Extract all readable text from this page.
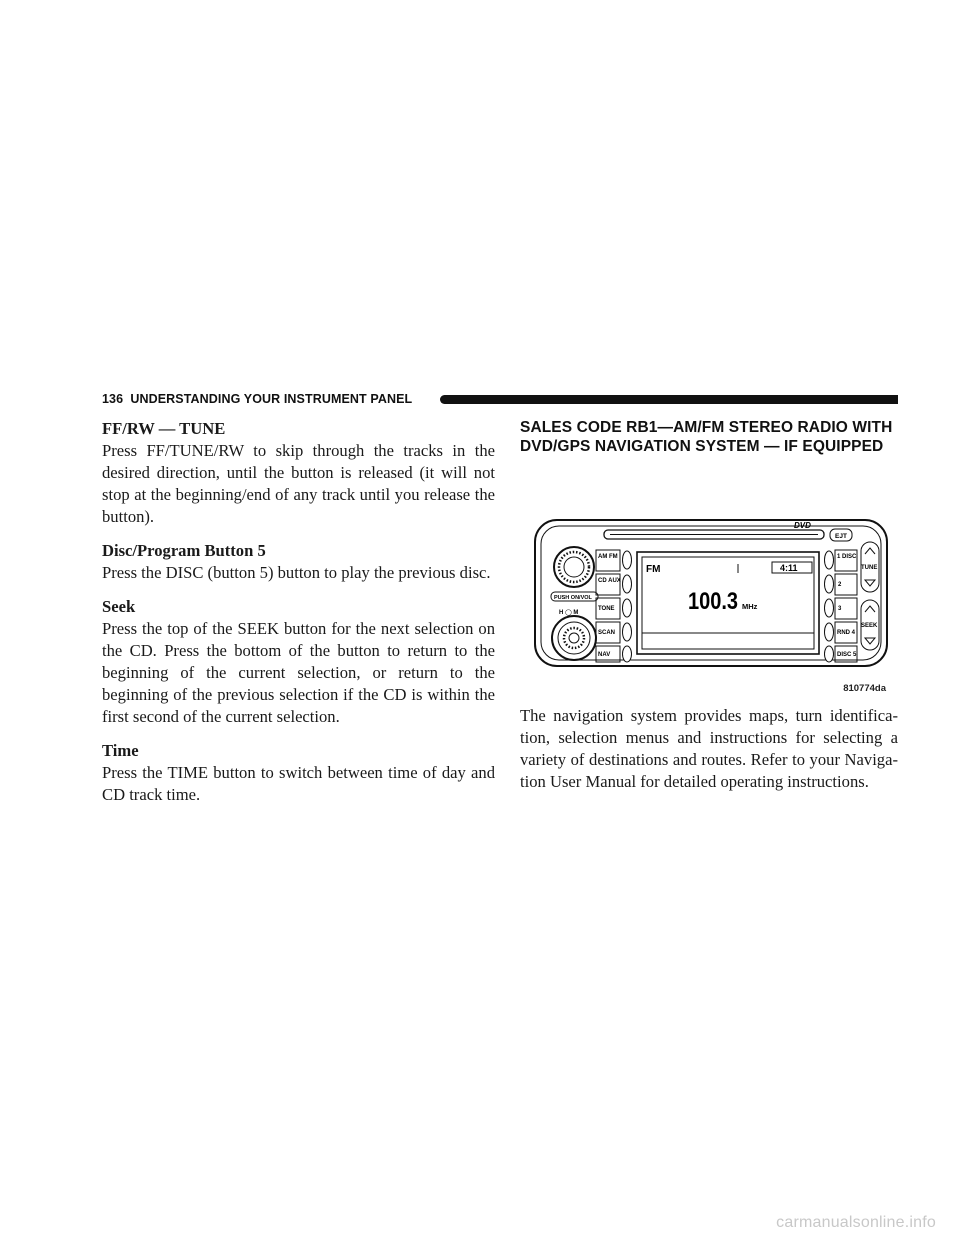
136 UNDERSTANDING YOUR INSTRUMENT PANEL
FF/RW — TUNE

Press FF/TUNE/RW to skip through the tracks in the desired direction, until the button is released (it will not stop at the beginning/end of any track until you release the button).

Disc/Program Button 5

Press the DISC (button 5) button to play the previous disc.

Seek

Press the top of the SEEK button for the next selection on the CD. Press the bottom of the button to return to the beginning of the current selection, or return to the beginning of the previous selection if the CD is within the first second of the current selection.

Time

Press the TIME button to switch between time of day and CD track time.

SALES CODE RB1—AM/FM STEREO RADIO WITH DVD/GPS NAVIGATION SYSTEM — IF EQUIPPED
DVD
EJT
PUSH ON/VOL
H ◯ M
AM FM
CD AUX
TONE
SCAN
NAV
FM	4:11
100.3 MHz
1 DISC
2
3
RND 4
DISC 5
TUNE
SEEK
810774da

The navigation system provides maps, turn identifica- tion, selection menus and instructions for selecting a variety of destinations and routes. Refer to your Naviga- tion User Manual for detailed operating instructions.

carmanualsonline.info
